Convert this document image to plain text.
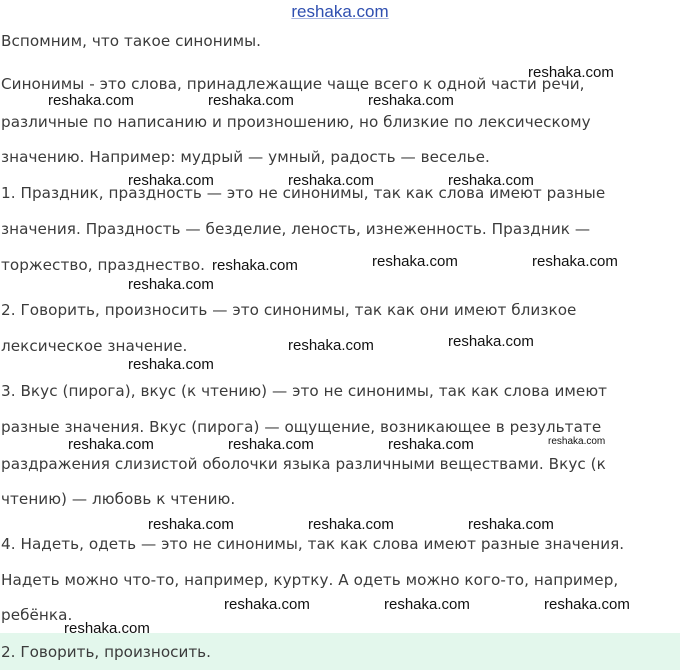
reshaka.com
Вспомним, что такое синонимы.
Синонимы - это слова, принадлежащие чаще всего к одной части речи,
различные по написанию и произношению, но близкие по лексическому
значению. Например: мудрый — умный, радость — веселье.
1. Праздник, праздность — это не синонимы, так как слова имеют разные
значения. Праздность — безделие, леность, изнеженность. Праздник —
торжество, празднество.
2. Говорить, произносить — это синонимы, так как они имеют близкое
лексическое значение.
3. Вкус (пирога), вкус (к чтению) — это не синонимы, так как слова имеют
разные значения. Вкус (пирога) — ощущение, возникающее в результате
раздражения слизистой оболочки языка различными веществами. Вкус (к
чтению) — любовь к чтению.
4. Надеть, одеть — это не синонимы, так как слова имеют разные значения.
Надеть можно что-то, например, куртку. А одеть можно кого-то, например,
ребёнка.
reshaka.com
reshaka.com	reshaka.com	reshaka.com
reshaka.com	reshaka.com	reshaka.com
reshaka.com	reshaka.com	reshaka.com
reshaka.com
reshaka.com	reshaka.com
reshaka.com
reshaka.com	reshaka.com	reshaka.com	reshaka.com
reshaka.com	reshaka.com	reshaka.com
reshaka.com	reshaka.com	reshaka.com
2. Говорить, произносить.
reshaka.com
